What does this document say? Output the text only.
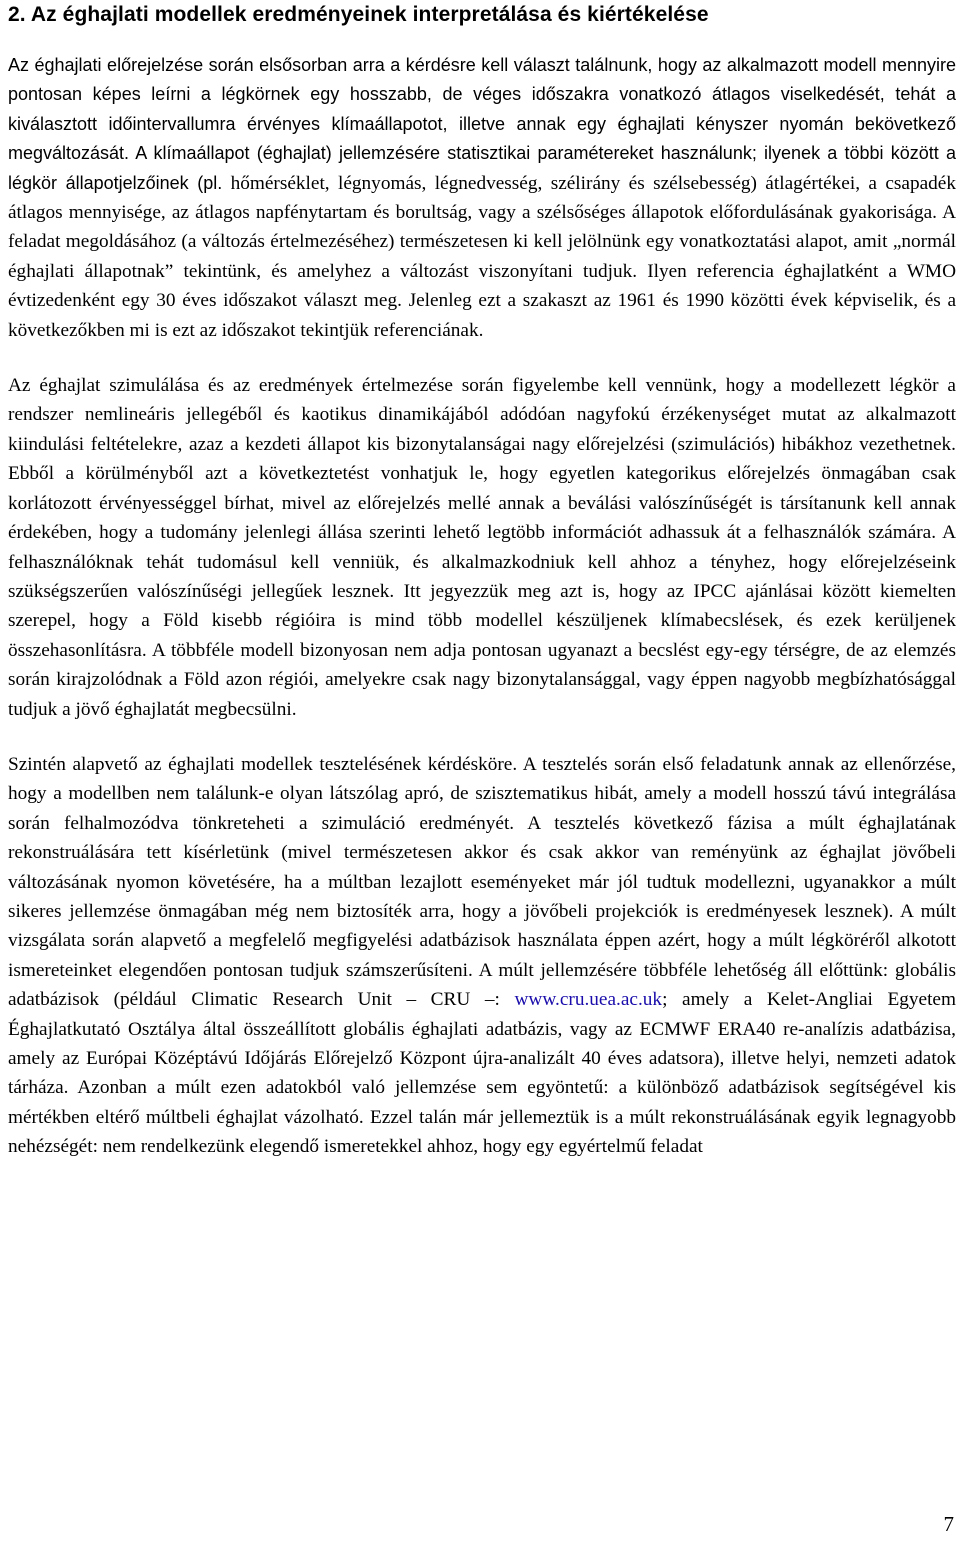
2. Az éghajlati modellek eredményeinek interpretálása és kiértékelése

Az éghajlati előrejelzése során elsősorban arra a kérdésre kell választ találnunk, hogy az alkalmazott modell mennyire pontosan képes leírni a légkörnek egy hosszabb, de véges időszakra vonatkozó átlagos viselkedését, tehát a kiválasztott időintervallumra érvényes klímaállapotot, illetve annak egy éghajlati kényszer nyomán bekövetkező megváltozását. A klímaállapot (éghajlat) jellemzésére statisztikai paramétereket használunk; ilyenek a többi között a légkör állapotjelzőinek (pl. hőmérséklet, légnyomás, légnedvesség, szélirány és szélsebesség) átlagértékei, a csapadék átlagos mennyisége, az átlagos napfénytartam és borultság, vagy a szélsőséges állapotok előfordulásának gyakorisága. A feladat megoldásához (a változás értelmezéséhez) természetesen ki kell jelölnünk egy vonatkoztatási alapot, amit „normál éghajlati állapotnak” tekintünk, és amelyhez a változást viszonyítani tudjuk. Ilyen referencia éghajlatként a WMO évtizedenként egy 30 éves időszakot választ meg. Jelenleg ezt a szakaszt az 1961 és 1990 közötti évek képviselik, és a következőkben mi is ezt az időszakot tekintjük referenciának.

Az éghajlat szimulálása és az eredmények értelmezése során figyelembe kell vennünk, hogy a modellezett légkör a rendszer nemlineáris jellegéből és kaotikus dinamikájából adódóan nagyfokú érzékenységet mutat az alkalmazott kiindulási feltételekre, azaz a kezdeti állapot kis bizonytalanságai nagy előrejelzési (szimulációs) hibákhoz vezethetnek. Ebből a körülményből azt a következtetést vonhatjuk le, hogy egyetlen kategorikus előrejelzés önmagában csak korlátozott érvényességgel bírhat, mivel az előrejelzés mellé annak a beválási valószínűségét is társítanunk kell annak érdekében, hogy a tudomány jelenlegi állása szerinti lehető legtöbb információt adhassuk át a felhasználók számára. A felhasználóknak tehát tudomásul kell venniük, és alkalmazkodniuk kell ahhoz a tényhez, hogy előrejelzéseink szükségszerűen valószínűségi jellegűek lesznek. Itt jegyezzük meg azt is, hogy az IPCC ajánlásai között kiemelten szerepel, hogy a Föld kisebb régióira is mind több modellel készüljenek klímabecslések, és ezek kerüljenek összehasonlításra. A többféle modell bizonyosan nem adja pontosan ugyanazt a becslést egy-egy térségre, de az elemzés során kirajzolódnak a Föld azon régiói, amelyekre csak nagy bizonytalansággal, vagy éppen nagyobb megbízhatósággal tudjuk a jövő éghajlatát megbecsülni.

Szintén alapvető az éghajlati modellek tesztelésének kérdésköre. A tesztelés során első feladatunk annak az ellenőrzése, hogy a modellben nem találunk-e olyan látszólag apró, de szisztematikus hibát, amely a modell hosszú távú integrálása során felhalmozódva tönkreteheti a szimuláció eredményét. A tesztelés következő fázisa a múlt éghajlatának rekonstruálására tett kísérletünk (mivel természetesen akkor és csak akkor van reményünk az éghajlat jövőbeli változásának nyomon követésére, ha a múltban lezajlott eseményeket már jól tudtuk modellezni, ugyanakkor a múlt sikeres jellemzése önmagában még nem biztosíték arra, hogy a jövőbeli projekciók is eredményesek lesznek). A múlt vizsgálata során alapvető a megfelelő megfigyelési adatbázisok használata éppen azért, hogy a múlt légköréről alkotott ismereteinket elegendően pontosan tudjuk számszerűsíteni. A múlt jellemzésére többféle lehetőség áll előttünk: globális adatbázisok (például Climatic Research Unit – CRU –: www.cru.uea.ac.uk; amely a Kelet-Angliai Egyetem Éghajlatkutató Osztálya által összeállított globális éghajlati adatbázis, vagy az ECMWF ERA40 re-analízis adatbázisa, amely az Európai Középtávú Időjárás Előrejelző Központ újra-analizált 40 éves adatsora), illetve helyi, nemzeti adatok tárháza. Azonban a múlt ezen adatokból való jellemzése sem egyöntetű: a különböző adatbázisok segítségével kis mértékben eltérő múltbeli éghajlat vázolható. Ezzel talán már jellemeztük is a múlt rekonstruálásának egyik legnagyobb nehézségét: nem rendelkezünk elegendő ismeretekkel ahhoz, hogy egy egyértelmű feladat

7
